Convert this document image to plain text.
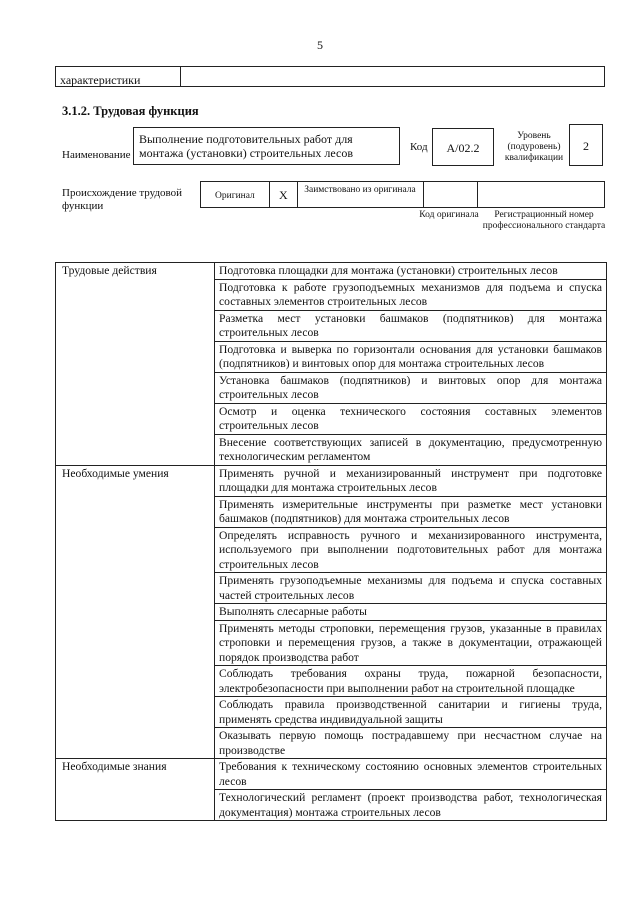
5
характеристики
3.1.2. Трудовая функция
Наименование
Выполнение подготовительных работ для монтажа (установки) строительных лесов	Код	A/02.2
Уровень (подуровень) квалификации
2
Происхождение трудовой функции
Оригинал X	Заимствовано из оригинала
Код оригинала	Регистрационный номер профессионального стандарта
Трудовые действия	Подготовка площадки для монтажа (установки) строительных лесов
	Подготовка к работе грузоподъемных механизмов для подъема и спуска составных элементов строительных лесов
	Разметка мест установки башмаков (подпятников) для монтажа строительных лесов
	Подготовка и выверка по горизонтали основания для установки башмаков (подпятников) и винтовых опор для монтажа строительных лесов
	Установка башмаков (подпятников) и винтовых опор для монтажа строительных лесов
	Осмотр и оценка технического состояния составных элементов строительных лесов
	Внесение соответствующих записей в документацию, предусмотренную технологическим регламентом
Необходимые умения	Применять ручной и механизированный инструмент при подготовке площадки для монтажа строительных лесов
	Применять измерительные инструменты при разметке мест установки башмаков (подпятников) для монтажа строительных лесов
	Определять исправность ручного и механизированного инструмента, используемого при выполнении подготовительных работ для монтажа строительных лесов
	Применять грузоподъемные механизмы для подъема и спуска составных частей строительных лесов
	Выполнять слесарные работы
	Применять методы строповки, перемещения грузов, указанные в правилах строповки и перемещения грузов, а также в документации, отражающей порядок производства работ
	Соблюдать требования охраны труда, пожарной безопасности, электробезопасности при выполнении работ на строительной площадке
	Соблюдать правила производственной санитарии и гигиены труда, применять средства индивидуальной защиты
	Оказывать первую помощь пострадавшему при несчастном случае на производстве
Необходимые знания	Требования к техническому состоянию основных элементов строительных лесов
	Технологический регламент (проект производства работ, технологическая документация) монтажа строительных лесов
